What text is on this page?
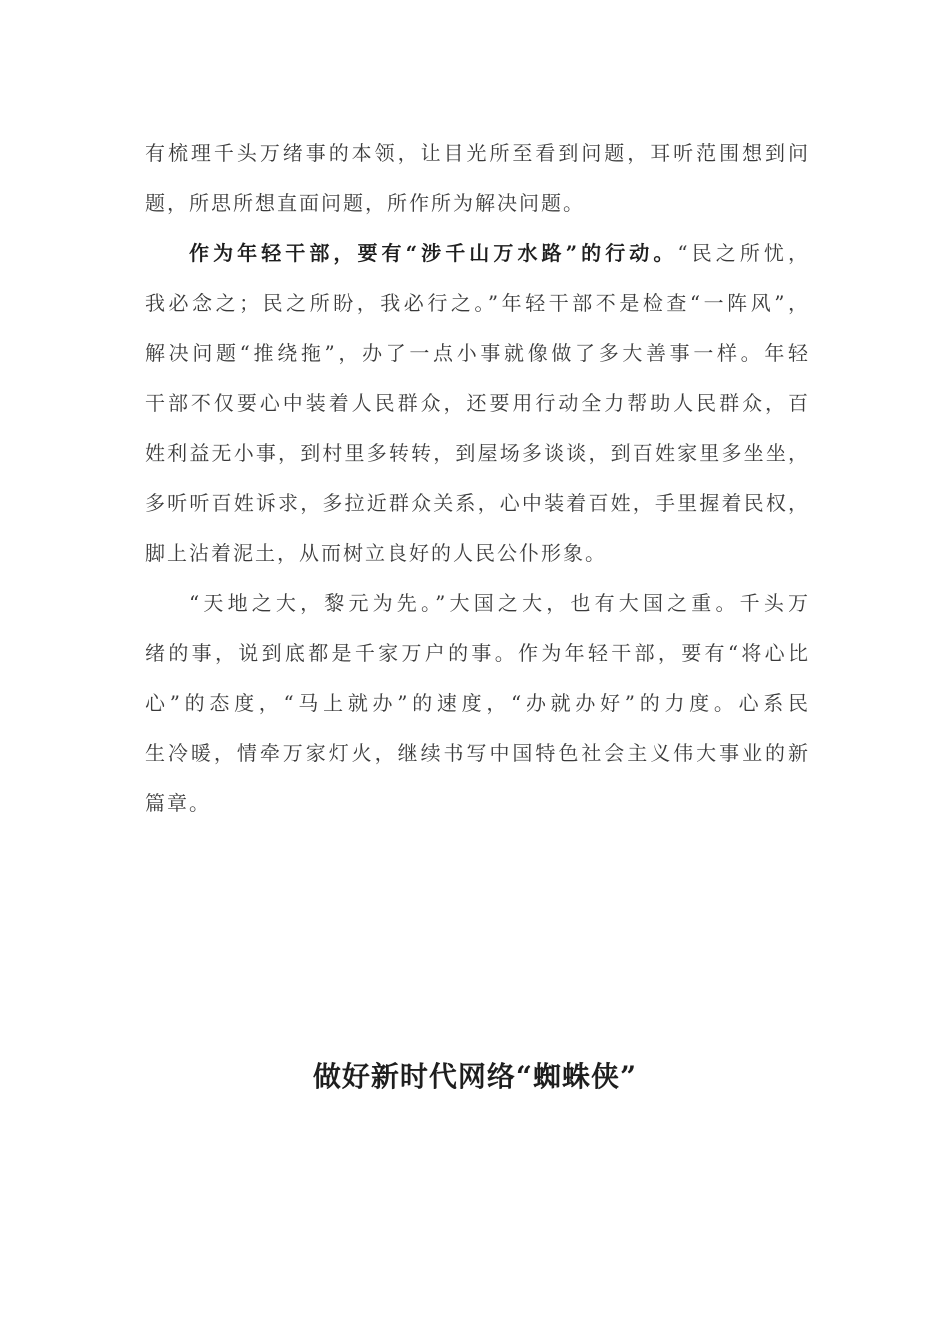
有梳理千头万绪事的本领，让目光所至看到问题，耳听范围想到问
题，所思所想直面问题，所作所为解决问题。
作为年轻干部，要有“涉千山万水路”的行动。“民之所忧，
我必念之；民之所盼，我必行之。”年轻干部不是检查“一阵风”，
解决问题“推绕拖”，办了一点小事就像做了多大善事一样。年轻
干部不仅要心中装着人民群众，还要用行动全力帮助人民群众，百
姓利益无小事，到村里多转转，到屋场多谈谈，到百姓家里多坐坐，
多听听百姓诉求，多拉近群众关系，心中装着百姓，手里握着民权，
脚上沾着泥土，从而树立良好的人民公仆形象。
“天地之大，黎元为先。”大国之大，也有大国之重。千头万
绪的事，说到底都是千家万户的事。作为年轻干部，要有“将心比
心”的态度，“马上就办”的速度，“办就办好”的力度。心系民
生冷暖，情牵万家灯火，继续书写中国特色社会主义伟大事业的新
篇章。
做好新时代网络“蜘蛛侠”
